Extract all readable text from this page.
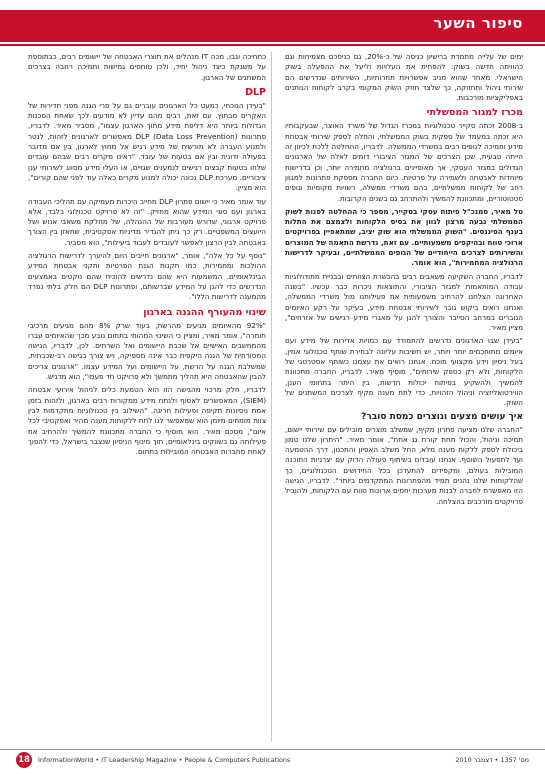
סיפור השער

ימים של עלייה מתמדת ברישיון כניסה של כ-20%, גם כניסכם מצמיחות וגם כהוויתה חדשה בשוק: להפחית את העלויות וליעל את ההפעלה בשוק הישראלי. מאחר שהוא מניב אפשרויות תחרותיות, השירותים שנדרשים הם שירותי ניהול ותחזוקה, כך שלצד חוזק השוק המקומי בקרב לקוחות הנותנים באפליקציות מורכבות.

מכרז למגור המסשלתי

ב-2008 זכתה סקייר טכנולוגיות במכרז הגדול של משרד האוצר, שבעקבותיו היא זכתה במעמד של ספקית בשוק הממשלתי, והחלה לספק שירותי אבטחת מידע ותמיכה לגופים רבים במשרדי הממשלה. לדבריו, ההחלטה ללכת לכיוון זה הייתה טבעית, שכן הצרכים של המגזר הציבורי דומים לאלה של הארגונים הגדולים במגזר העסקי, אך מאופיינים ברגולציה מחמירה יותר, וכן בדרישות מיוחדות לאבטחה ולשמירה על פרטיות. כיום החברה מספקת פתרונות למגוון רחב של לקוחות ממשלתיים, בהם משרדי ממשלה, רשויות מקומיות וגופים סטטוטוריים, ומתכוונת להמשיך ולהתרחב גם בשנים הקרובות.

טל מאיר, סמנכ"ל פיתוח עסקי בסקייר, מספר כי ההחלטה לפנות לשוק הממשלתי נבעה מרצון לגוון את בסיס הלקוחות ולצמצם את התלות בענף הפיננסים. "השוק הממשלתי הוא שוק יציב, שמתאפיין בפרויקטים ארוכי טווח ובהיקפים משמעותיים. עם זאת, נדרשת התאמה של המוצרים והשירותים לצרכים הייחודיים של הגופים הממשלתיים, ובעיקר לדרישות הרגולציה המחמירות", הוא אומר.

לדבריו, החברה השקיעה משאבים רבים בהכשרת הצוותים ובבניית מתודולוגיות עבודה המותאמות למגזר הציבורי, והתוצאות ניכרות כבר עכשיו. "בשנה האחרונה הצלחנו להרחיב משמעותית את פעילותנו מול משרדי הממשלה, ואנחנו רואים ביקוש גובר לשירותי אבטחת מידע, בעיקר על רקע האיומים הגוברים במרחב הסייבר והצורך להגן על מאגרי מידע רגישים של אזרחים", מציין מאיר.

"בעידן שבו הארגונים נדרשים להתמודד עם כמויות אדירות של מידע ועם איומים מתוחכמים יותר ויותר, יש חשיבות עליונה לבחירת שותף טכנולוגי אמין, בעל ניסיון וידע מקצועי מוכח. אנחנו רואים את עצמנו כשותף אסטרטגי של הלקוחות, ולא רק כספק שירותים", מוסיף מאיר. לדבריו, החברה מתכוונת להמשיך ולהשקיע בפיתוח יכולות חדשות, בין היתר בתחומי הענן, הווירטואליזציה וניהול הזהויות, כדי לתת מענה מקיף לצרכים המשתנים של השוק.

איך עושים מצעים ונוצרים כמסת סובר?

"החברה שלנו מציעה פתרון מקיף, שמשלב מוצרים מובילים עם שירותי יישום, תמיכה וניהול, והכול תחת קורת גג אחת", אומר מאיר. "היתרון שלנו טמון ביכולת לספק ללקוח מענה מלא, החל משלב האפיון והתכנון, דרך ההטמעה ועד לתפעול השוטף. אנחנו עובדים בשיתוף פעולה הדוק עם יצרניות התוכנה המובילות בעולם, ומקפידים להתעדכן בכל החידושים הטכנולוגיים, כך שהלקוחות שלנו נהנים תמיד מהפתרונות המתקדמים ביותר". לדבריו, הגישה הזו מאפשרת לחברה לבנות מערכות יחסים ארוכות טווח עם הלקוחות, ולהוביל פרויקטים מורכבים בהצלחה.

כתחיכה וגבו, מכה IT מנהלים את תוצרי האבטחה של יישומים רבים, כבתוספת על משנקת כיצד ניהול יחיד, ולכן טוחסים גמישות ותמיכה רחבה בצרכים המשתנים של הארגון.

DLP

"בעידן הנוכחי, כמעט כל הארגונים עוברים גם על פרי הגנה מפני חדירות של האקרים מבחוץ. עם זאת, רבים מהם עדיין לא מודעים לכך שאחת הסכנות הגדולות ביותר היא דליפת מידע מתוך הארגון עצמו", מסביר מאיר. לדבריו, פתרונות DLP (Data Loss Prevention) מאפשרים לארגונים לזהות, לנטר ולמנוע העברה לא מורשית של מידע רגיש אל מחוץ לארגון, בין אם מדובר בפעולה זדונית ובין אם בטעות של עובד. "ראינו מקרים רבים שבהם עובדים שלחו בטעות קבצים רגישים לנמענים שגויים, או העלו מידע מסווג לשירותי ענן ציבוריים. מערכת DLP נכונה יכולה למנוע מקרים כאלה עוד לפני שהם קורים", הוא מציין.

עוד אומר מאיר כי יישום פתרון DLP מחייב היכרות מעמיקה עם תהליכי העבודה בארגון ועם סוגי המידע שהוא מחזיק. "זה לא פרויקט טכנולוגי בלבד, אלא פרויקט ארגוני, שדורש מעורבות של ההנהלה, של מחלקת משאבי אנוש ושל היועצים המשפטיים. רק כך ניתן להגדיר מדיניות אפקטיבית, שתאזן בין הצורך באבטחה לבין הרצון לאפשר לעובדים לעבוד ביעילות", הוא מסביר.

"נוסף על כל אלה", אומר, "ארגונים חייבים היום להיערך לדרישות הרגולציה ההולכות ומחמירות, כמו תקנות הגנת הפרטיות ותקני אבטחת המידע הבינלאומיים. המשמעות היא שהם נדרשים להוכיח שהם נוקטים באמצעים הנדרשים כדי להגן על המידע שברשותם, ופתרונות DLP הם חלק בלתי נפרד מהמענה לדרישות הללו".

שינוי מהעורף ההגנה בארגון

"92% מהאיומים מגיעים מהרשת, בעוד שרק 8% מהם מגיעים מרכיבי חומרה", אומר מאיר, ומציין כי השינוי המהותי בתחום נובע מכך שהאיומים עברו מהמחשבים האישיים אל שכבת היישומים ואל השרתים. לכן, לדבריו, הגישה המסורתית של הגנה היקפית כבר אינה מספיקה, ויש צורך בגישה רב-שכבתית, שמשלבת הגנה על הרשת, על היישומים ועל המידע עצמו. "ארגונים צריכים להבין שהאבטחה היא תהליך מתמשך ולא פרויקט חד פעמי", הוא מדגיש.

לדבריו, חלק מרכזי מהגישה הזו הוא הטמעת כלים לניהול אירועי אבטחה (SIEM), המאפשרים לאסוף ולנתח מידע ממקורות רבים בארגון, ולזהות בזמן אמת ניסיונות תקיפה ופעילות חריגה. "השילוב בין טכנולוגיות מתקדמות לבין צוות מומחים מיומן הוא שמאפשר לנו לתת ללקוחות מענה מהיר ואפקטיבי לכל איום", מסכם מאיר. הוא מוסיף כי החברה מתכוונת להמשיך ולהרחיב את פעילותה גם בשווקים בינלאומיים, תוך מינוף הניסיון שנצבר בישראל, כדי להפוך לאחת מחברות האבטחה המובילות בתחום.

18	InformationWorld • IT Leadership Magazine • People & Computers Publications	מס' 1357 • דצמבר 2010
